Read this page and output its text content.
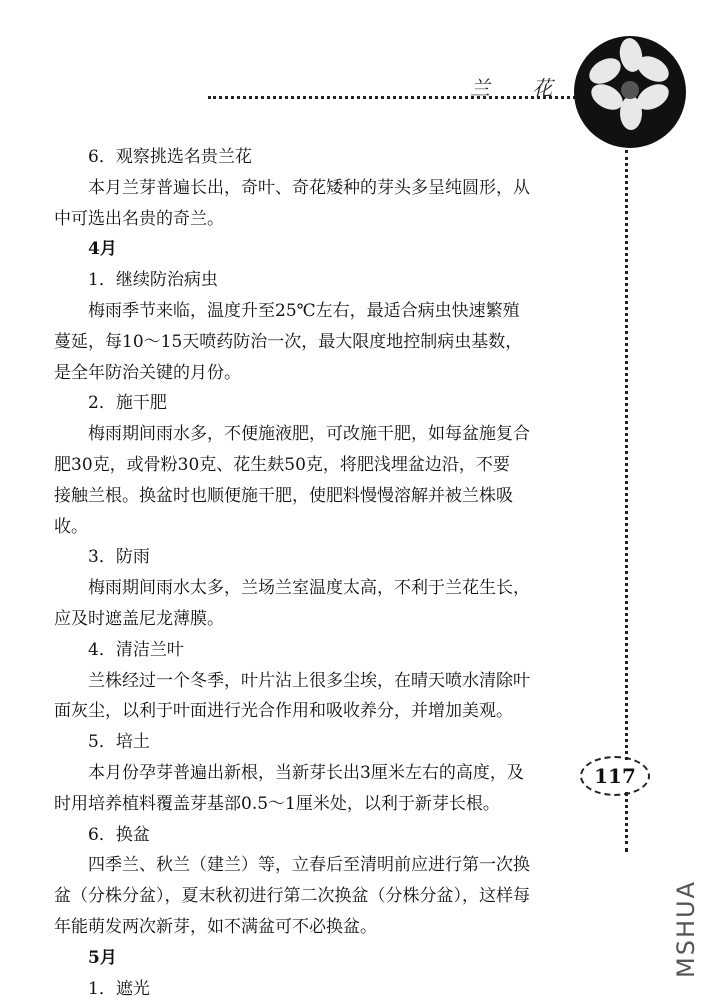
兰 花
117
6．观察挑选名贵兰花
本月兰芽普遍长出，奇叶、奇花矮种的芽头多呈纯圆形，从
中可选出名贵的奇兰。
4月
1．继续防治病虫
梅雨季节来临，温度升至25℃左右，最适合病虫快速繁殖
蔓延，每10～15天喷药防治一次，最大限度地控制病虫基数，
是全年防治关键的月份。
2．施干肥
梅雨期间雨水多，不便施液肥，可改施干肥，如每盆施复合
肥30克，或骨粉30克、花生麸50克，将肥浅埋盆边沿，不要
接触兰根。换盆时也顺便施干肥，使肥料慢慢溶解并被兰株吸
收。
3．防雨
梅雨期间雨水太多，兰场兰室温度太高，不利于兰花生长，
应及时遮盖尼龙薄膜。
4．清洁兰叶
兰株经过一个冬季，叶片沾上很多尘埃，在晴天喷水清除叶
面灰尘，以利于叶面进行光合作用和吸收养分，并增加美观。
5．培土
本月份孕芽普遍出新根，当新芽长出3厘米左右的高度，及
时用培养植料覆盖芽基部0.5～1厘米处，以利于新芽长根。
6．换盆
四季兰、秋兰（建兰）等，立春后至清明前应进行第一次换
盆（分株分盆），夏末秋初进行第二次换盆（分株分盆），这样每
年能萌发两次新芽，如不满盆可不必换盆。
5月
1．遮光
MSHUA
